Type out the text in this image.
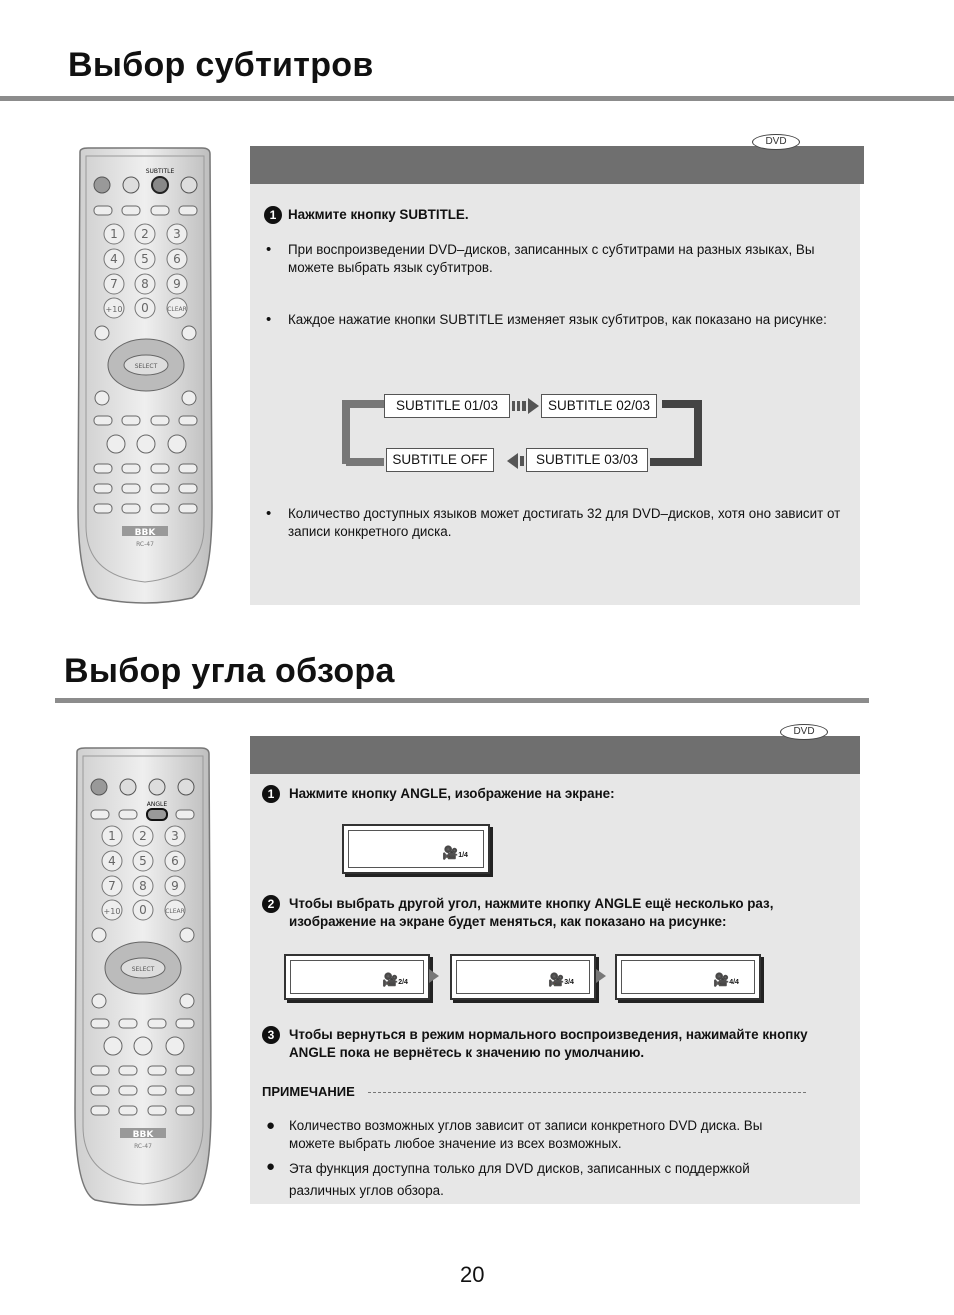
Выбор субтитров
SUBTITLE
1 2 3
4 5 6
7 8 9
+10 0	CLEAR
SELECT
BBK
RC-47
DVD
1 Нажмите кнопку SUBTITLE.
• При воспроизведении DVD–дисков, записанных с субтитрами на разных языках, Вы можете выбрать язык субтитров.
• Каждое нажатие кнопки SUBTITLE изменяет язык субтитров, как показано на рисунке:
SUBTITLE 01/03	SUBTITLE 02/03
SUBTITLE 03/03
SUBTITLE OFF
• Количество доступных языков может достигать 32 для DVD–дисков, хотя оно зависит от записи конкретного диска.
Выбор угла обзора
ANGLE
1 2 3
4 5 6
7 8 9
+10 0	CLEAR
SELECT
BBK
RC-47
DVD
1	Нажмите кнопку ANGLE, изображение на экране:
🎥1/4
2	Чтобы выбрать другой угол, нажмите кнопку ANGLE ещё несколько раз, изображение на экране будет меняться, как показано на рисунке:
🎥2/4	🎥3/4	🎥4/4
3	Чтобы вернуться в режим нормального воспроизведения, нажимайте кнопку ANGLE пока не вернётесь к значению по умолчанию.
ПРИМЕЧАНИЕ
● Количество возможных углов зависит от записи конкретного DVD диска. Вы можете выбрать любое значение из всех возможных.
● Эта функция доступна только для DVD дисков, записанных с поддержкой различных углов обзора.
20
